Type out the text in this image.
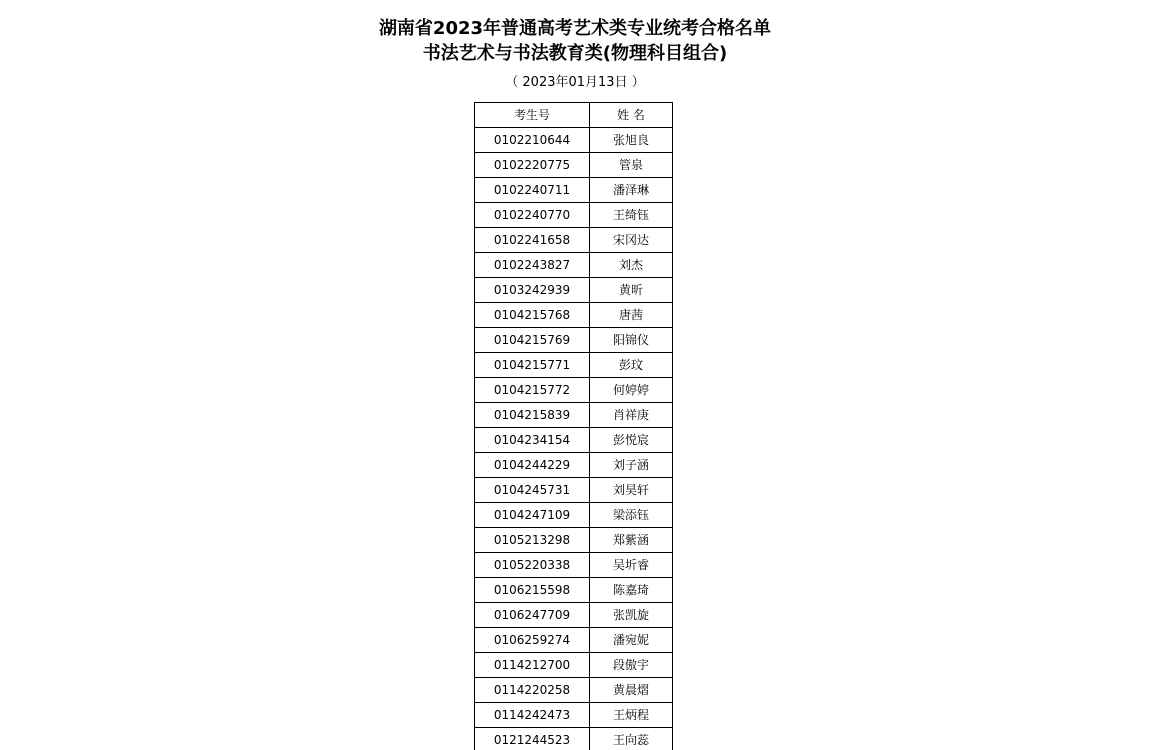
湖南省2023年普通高考艺术类专业统考合格名单
书法艺术与书法教育类(物理科目组合)
（ 2023年01月13日 ）
考生号	姓 名
0102210644	张旭良
0102220775	管泉
0102240711	潘泽琳
0102240770	王绮钰
0102241658	宋冈达
0102243827	刘杰
0103242939	黄昕
0104215768	唐茜
0104215769	阳锦仪
0104215771	彭玟
0104215772	何婷婷
0104215839	肖祥庚
0104234154	彭悦宸
0104244229	刘子涵
0104245731	刘昊轩
0104247109	梁添钰
0105213298	郑紫涵
0105220338	吴圻睿
0106215598	陈嘉琦
0106247709	张凯旋
0106259274	潘宛妮
0114212700	段傲宇
0114220258	黄晨熠
0114242473	王炳程
0121244523	王向蕊
